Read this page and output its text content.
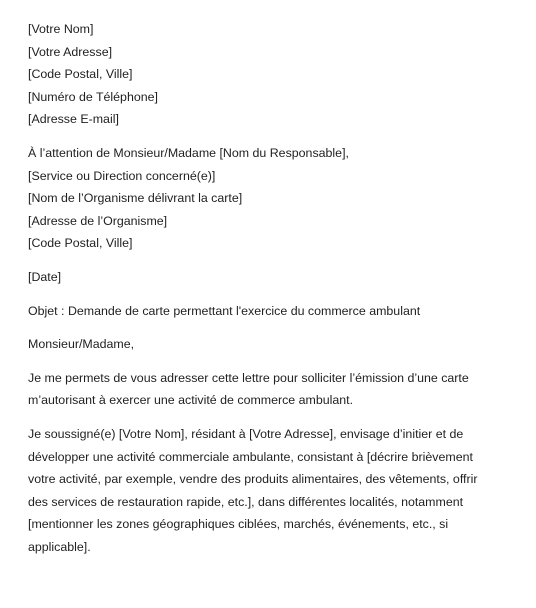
[Votre Nom]
[Votre Adresse]
[Code Postal, Ville]
[Numéro de Téléphone]
[Adresse E-mail]
À l’attention de Monsieur/Madame [Nom du Responsable],
[Service ou Direction concerné(e)]
[Nom de l’Organisme délivrant la carte]
[Adresse de l’Organisme]
[Code Postal, Ville]
[Date]
Objet : Demande de carte permettant l'exercice du commerce ambulant
Monsieur/Madame,
Je me permets de vous adresser cette lettre pour solliciter l’émission d’une carte
m’autorisant à exercer une activité de commerce ambulant.
Je soussigné(e) [Votre Nom], résidant à [Votre Adresse], envisage d’initier et de
développer une activité commerciale ambulante, consistant à [décrire brièvement
votre activité, par exemple, vendre des produits alimentaires, des vêtements, offrir
des services de restauration rapide, etc.], dans différentes localités, notamment
[mentionner les zones géographiques ciblées, marchés, événements, etc., si
applicable].
